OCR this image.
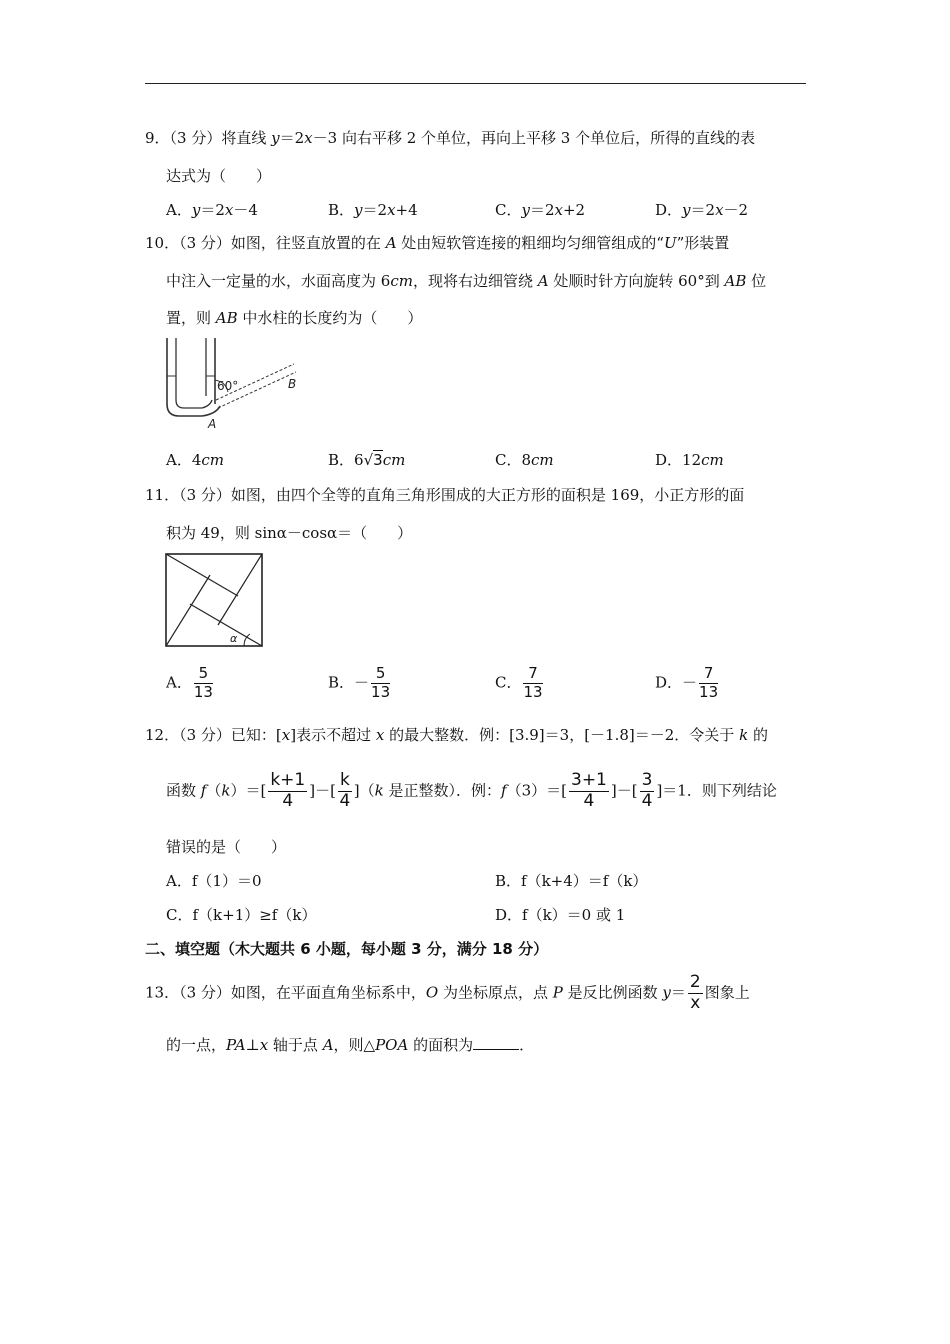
9．（3 分）将直线 y＝2x－3 向右平移 2 个单位，再向上平移 3 个单位后，所得的直线的表
达式为（　　）
A．y＝2x－4	B．y＝2x+4	C．y＝2x+2	D．y＝2x－2
10．（3 分）如图，往竖直放置的在 A 处由短软管连接的粗细均匀细管组成的“U”形装置
中注入一定量的水，水面高度为 6cm，现将右边细管绕 A 处顺时针方向旋转 60°到 AB 位
置，则 AB 中水柱的长度约为（　　）
60°	B
A
A．4cm	B．6√3cm	C．8cm	D．12cm
11．（3 分）如图，由四个全等的直角三角形围成的大正方形的面积是 169，小正方形的面
积为 49，则 sinα－cosα＝（　　）
α
A． $\frac{5}{13}$	B．－ $\frac{5}{13}$	C． $\frac{7}{13}$	D．－ $\frac{7}{13}$
12．（3 分）已知：[x]表示不超过 x 的最大整数．例：[3.9]＝3，[－1.8]＝－2．令关于 k 的
函数 $f(k)=[ \frac{k+1}{4}$ ]－[ $\frac{k}{4} ](k$ 是正整数）．例：$f(3)=[ \frac{3+1}{4}$ ]－[ $\frac{3}{4} ]=1$．则下列结论
错误的是（　　）
A．f（1）＝0	B．f（k+4）＝f（k）
C．f（k+1）≥f（k）	D．f（k）＝0 或 1
二、填空题（木大题共 6 小题，每小题 3 分，满分 18 分）
13．（3 分）如图，在平面直角坐标系中，O 为坐标原点，点 P 是反比例函数 $y= \frac{2}{x}$ 图象上
的一点，PA⊥x 轴于点 A，则△POA 的面积为	．
